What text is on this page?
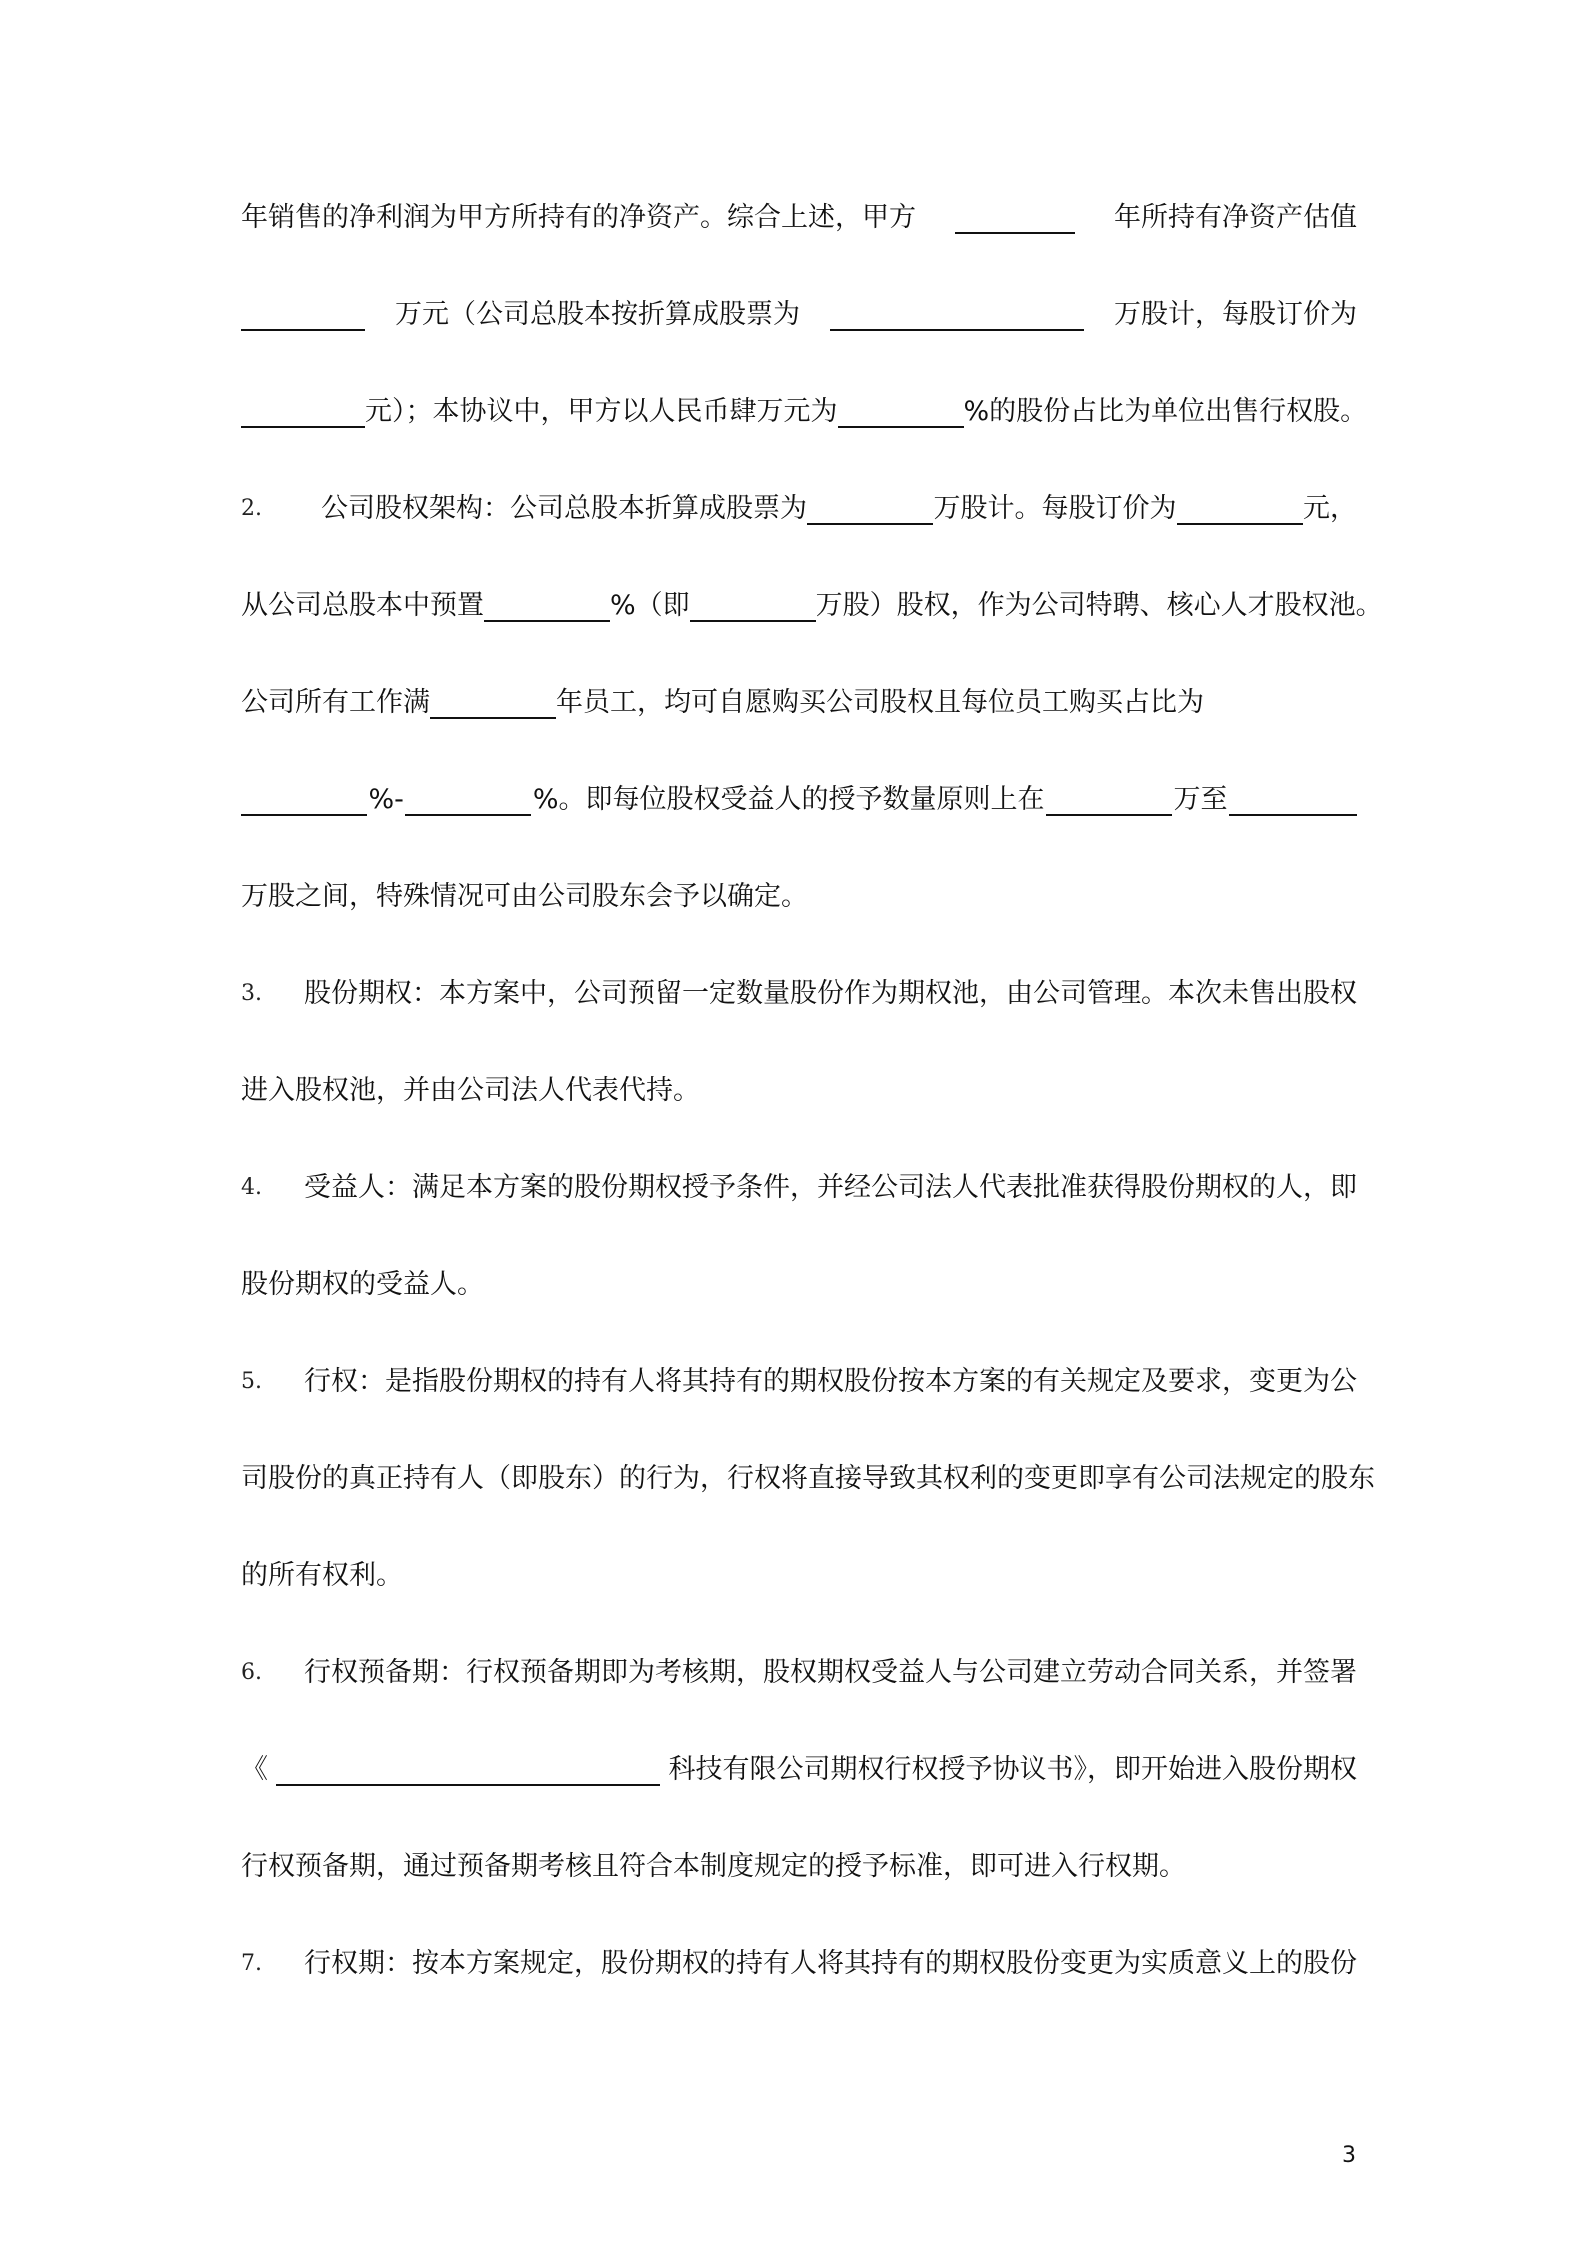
年销售的净利润为甲方所持有的净资产。综合上述，甲方	年所持有净资产估值
万元（公司总股本按折算成股票为	万股计，每股订价为
元）；本协议中，甲方以人民币肆万元为	%的股份占比为单位出售行权股。
2.	公司股权架构：公司总股本折算成股票为	万股计。每股订价为	元，
从公司总股本中预置	%（即	万股）股权，作为公司特聘、核心人才股权池。
公司所有工作满	年员工，均可自愿购买公司股权且每位员工购买占比为
%-	%。即每位股权受益人的授予数量原则上在	万至
万股之间，特殊情况可由公司股东会予以确定。
3.	股份期权：本方案中，公司预留一定数量股份作为期权池，由公司管理。本次未售出股权
进入股权池，并由公司法人代表代持。
4.	受益人：满足本方案的股份期权授予条件，并经公司法人代表批准获得股份期权的人，即
股份期权的受益人。
5.	行权：是指股份期权的持有人将其持有的期权股份按本方案的有关规定及要求，变更为公
司股份的真正持有人（即股东）的行为，行权将直接导致其权利的变更即享有公司法规定的股东
的所有权利。
6.	行权预备期：行权预备期即为考核期，股权期权受益人与公司建立劳动合同关系，并签署
《	科技有限公司期权行权授予协议书》，即开始进入股份期权
行权预备期，通过预备期考核且符合本制度规定的授予标准，即可进入行权期。
7.	行权期：按本方案规定，股份期权的持有人将其持有的期权股份变更为实质意义上的股份
3
